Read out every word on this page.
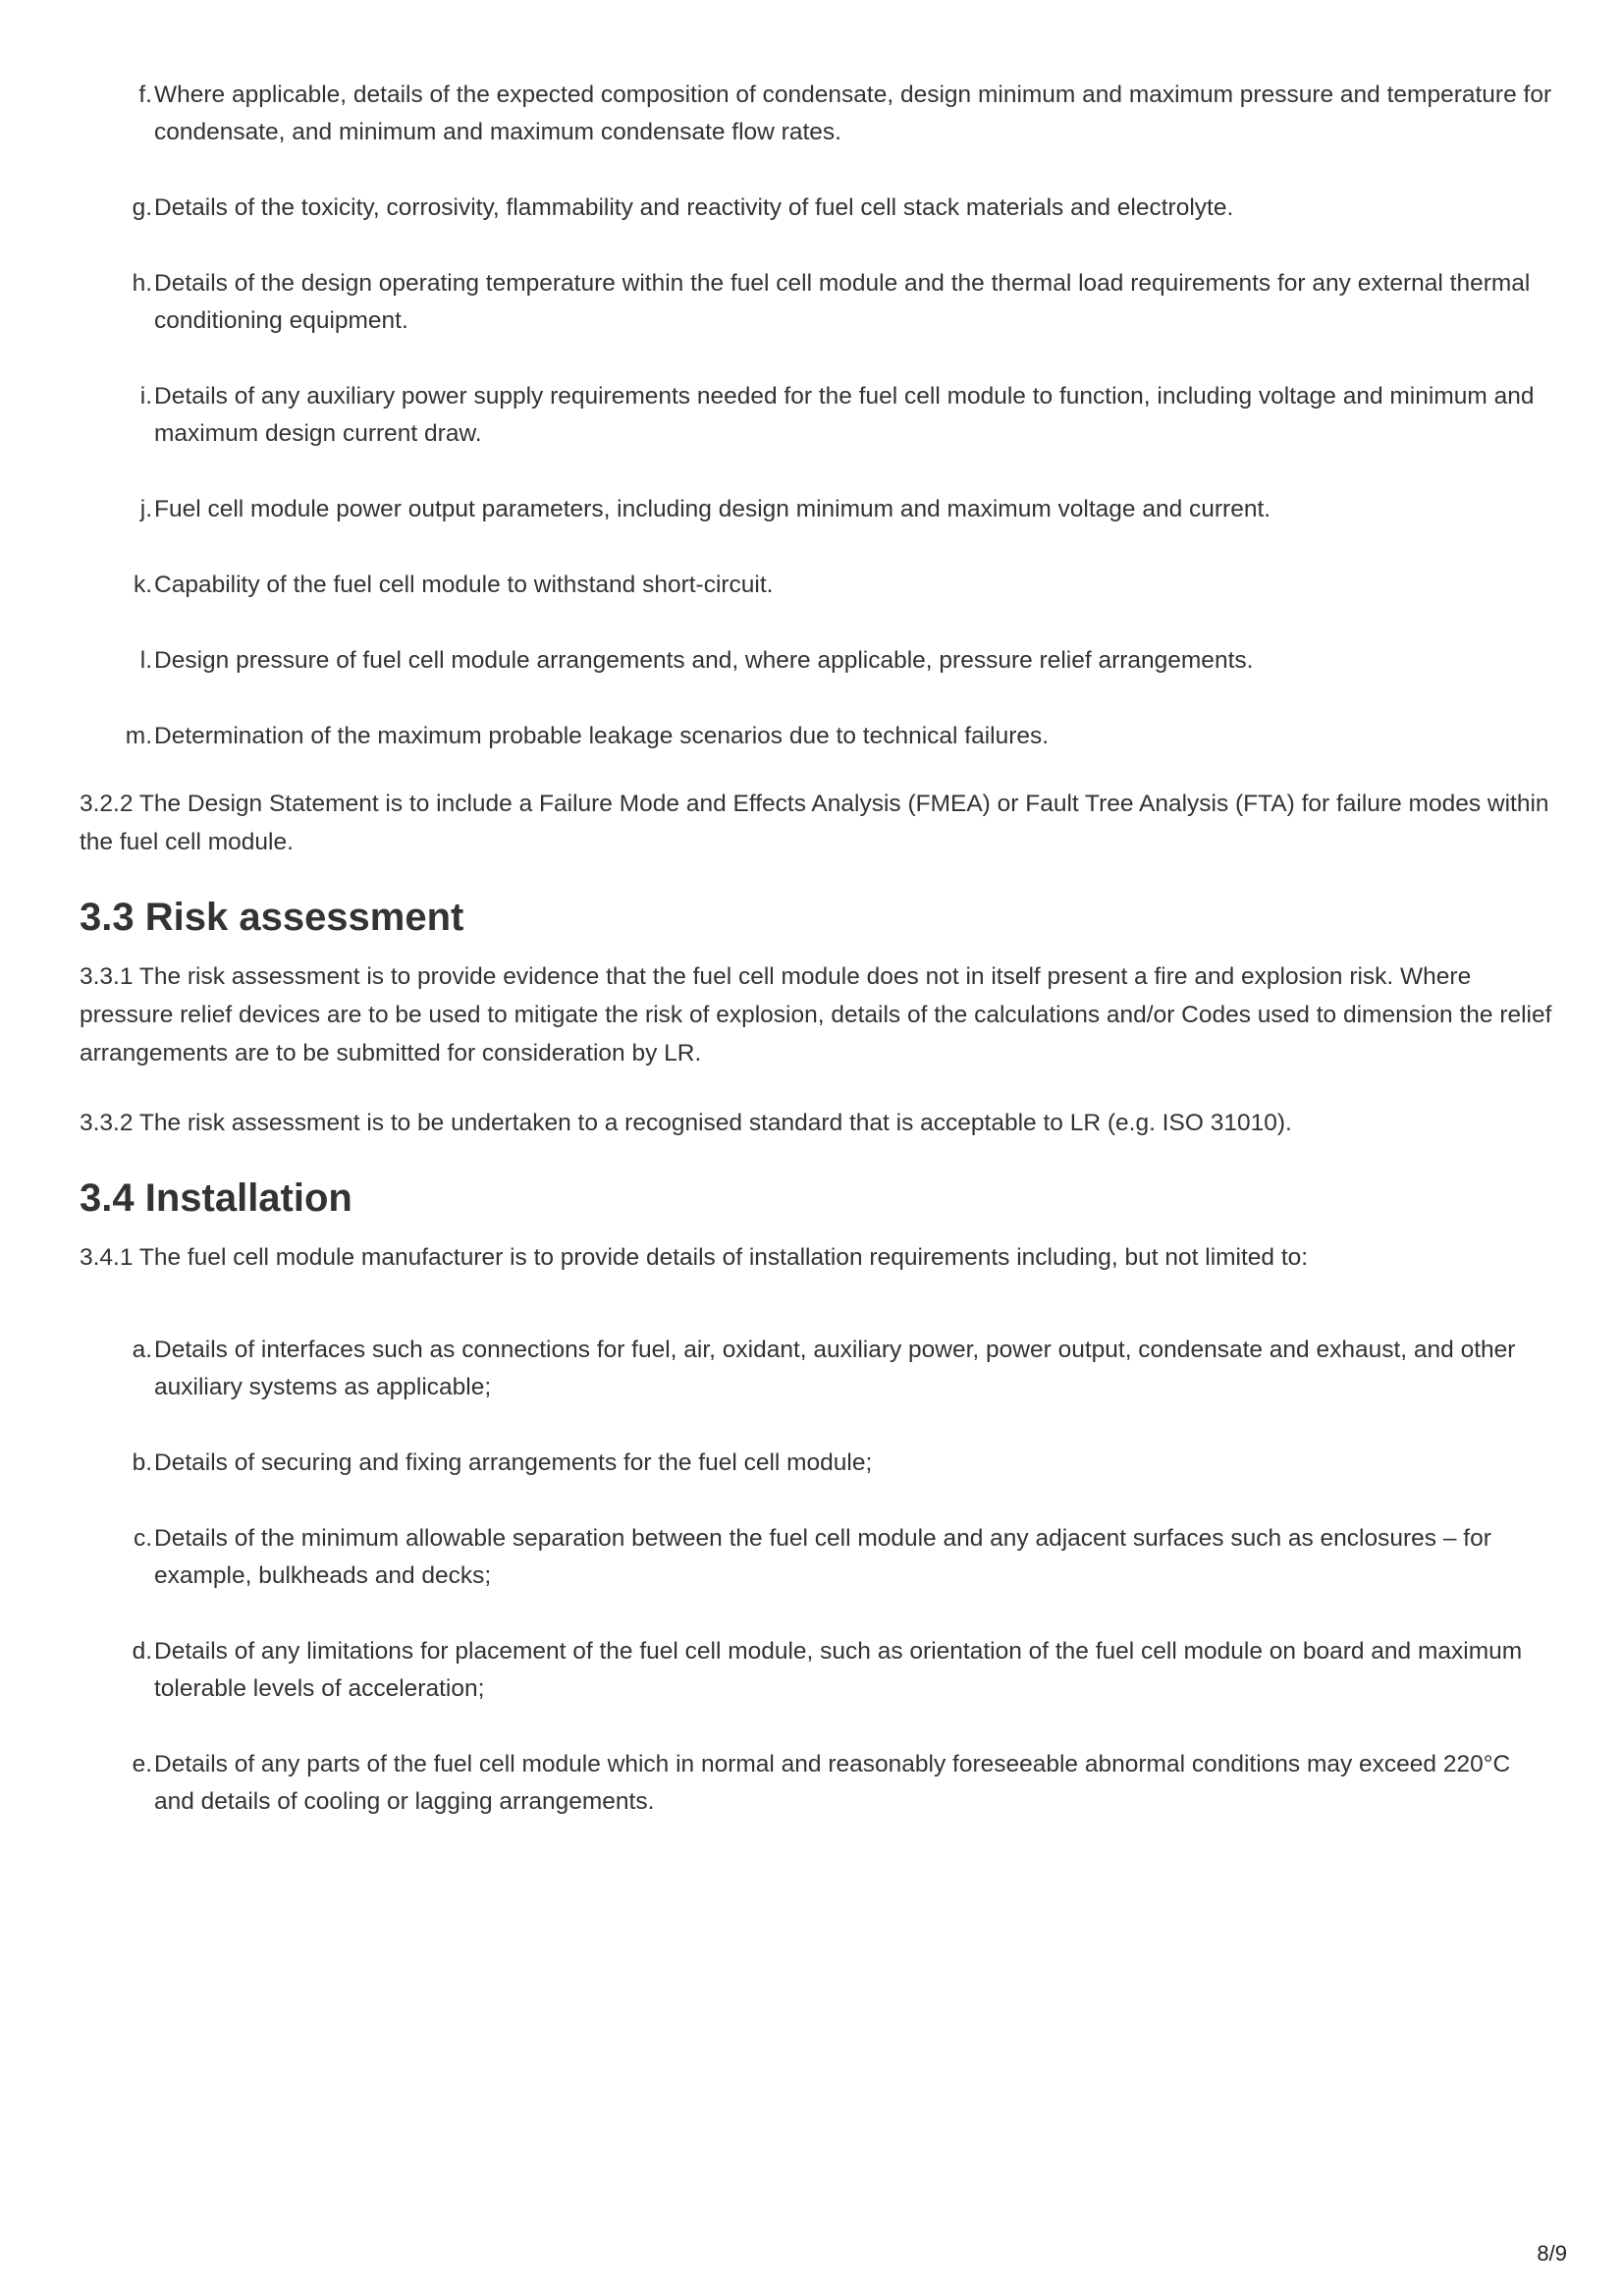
f. Where applicable, details of the expected composition of condensate, design minimum and maximum pressure and temperature for condensate, and minimum and maximum condensate flow rates.
g. Details of the toxicity, corrosivity, flammability and reactivity of fuel cell stack materials and electrolyte.
h. Details of the design operating temperature within the fuel cell module and the thermal load requirements for any external thermal conditioning equipment.
i. Details of any auxiliary power supply requirements needed for the fuel cell module to function, including voltage and minimum and maximum design current draw.
j. Fuel cell module power output parameters, including design minimum and maximum voltage and current.
k. Capability of the fuel cell module to withstand short-circuit.
l. Design pressure of fuel cell module arrangements and, where applicable, pressure relief arrangements.
m. Determination of the maximum probable leakage scenarios due to technical failures.

3.2.2 The Design Statement is to include a Failure Mode and Effects Analysis (FMEA) or Fault Tree Analysis (FTA) for failure modes within the fuel cell module.

3.3 Risk assessment

3.3.1 The risk assessment is to provide evidence that the fuel cell module does not in itself present a fire and explosion risk. Where pressure relief devices are to be used to mitigate the risk of explosion, details of the calculations and/or Codes used to dimension the relief arrangements are to be submitted for consideration by LR.

3.3.2 The risk assessment is to be undertaken to a recognised standard that is acceptable to LR (e.g. ISO 31010).

3.4 Installation

3.4.1 The fuel cell module manufacturer is to provide details of installation requirements including, but not limited to:

a. Details of interfaces such as connections for fuel, air, oxidant, auxiliary power, power output, condensate and exhaust, and other auxiliary systems as applicable;
b. Details of securing and fixing arrangements for the fuel cell module;
c. Details of the minimum allowable separation between the fuel cell module and any adjacent surfaces such as enclosures – for example, bulkheads and decks;
d. Details of any limitations for placement of the fuel cell module, such as orientation of the fuel cell module on board and maximum tolerable levels of acceleration;
e. Details of any parts of the fuel cell module which in normal and reasonably foreseeable abnormal conditions may exceed 220°C and details of cooling or lagging arrangements.
8/9
